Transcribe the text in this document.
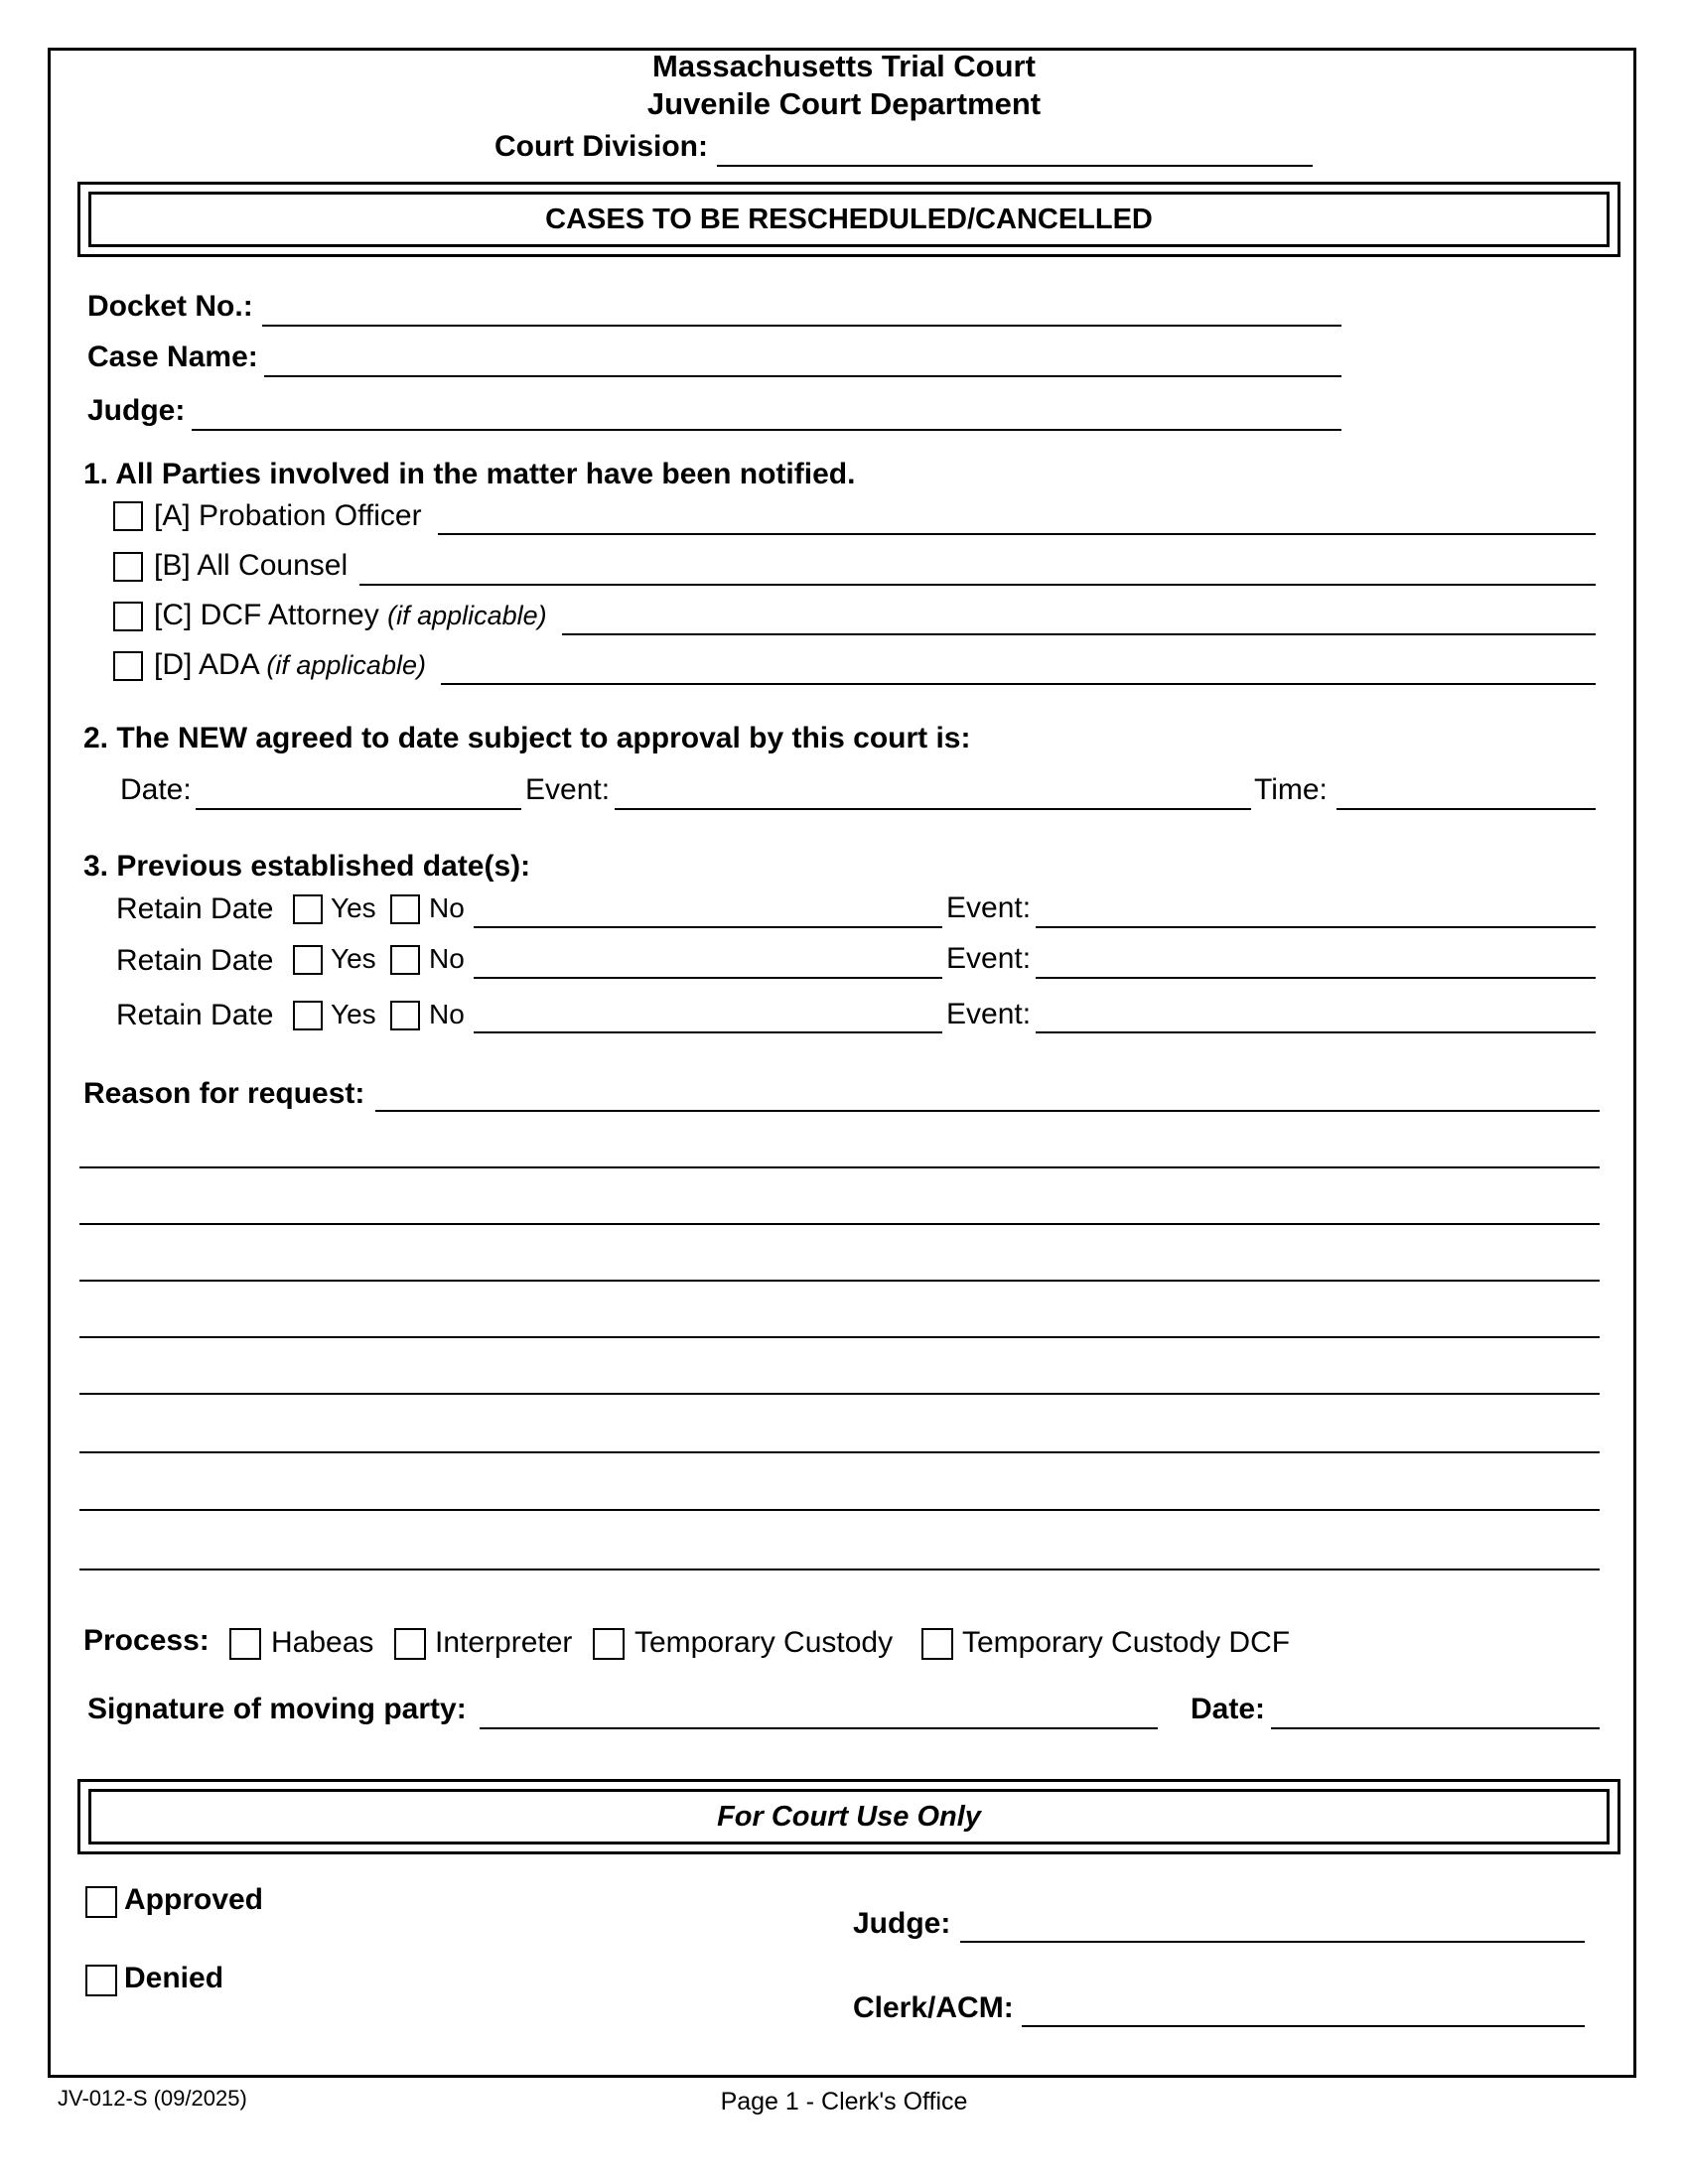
Massachusetts Trial Court
Juvenile Court Department
Court Division:
CASES TO BE RESCHEDULED/CANCELLED
Docket No.:
Case Name:
Judge:
1. All Parties involved in the matter have been notified.
[A] Probation Officer
[B] All Counsel
[C] DCF Attorney (if applicable)
[D] ADA (if applicable)
2. The NEW agreed to date subject to approval by this court is:
Date:	Event:	Time:
3. Previous established date(s):
Retain Date Yes No	Event:
Retain Date Yes No	Event:
Retain Date Yes No	Event:
Reason for request:
Process: Habeas Interpreter Temporary Custody Temporary Custody DCF
Signature of moving party:	Date:
For Court Use Only
Approved
Denied
Judge:
Clerk/ACM:
JV-012-S (09/2025)	Page 1 - Clerk's Office
